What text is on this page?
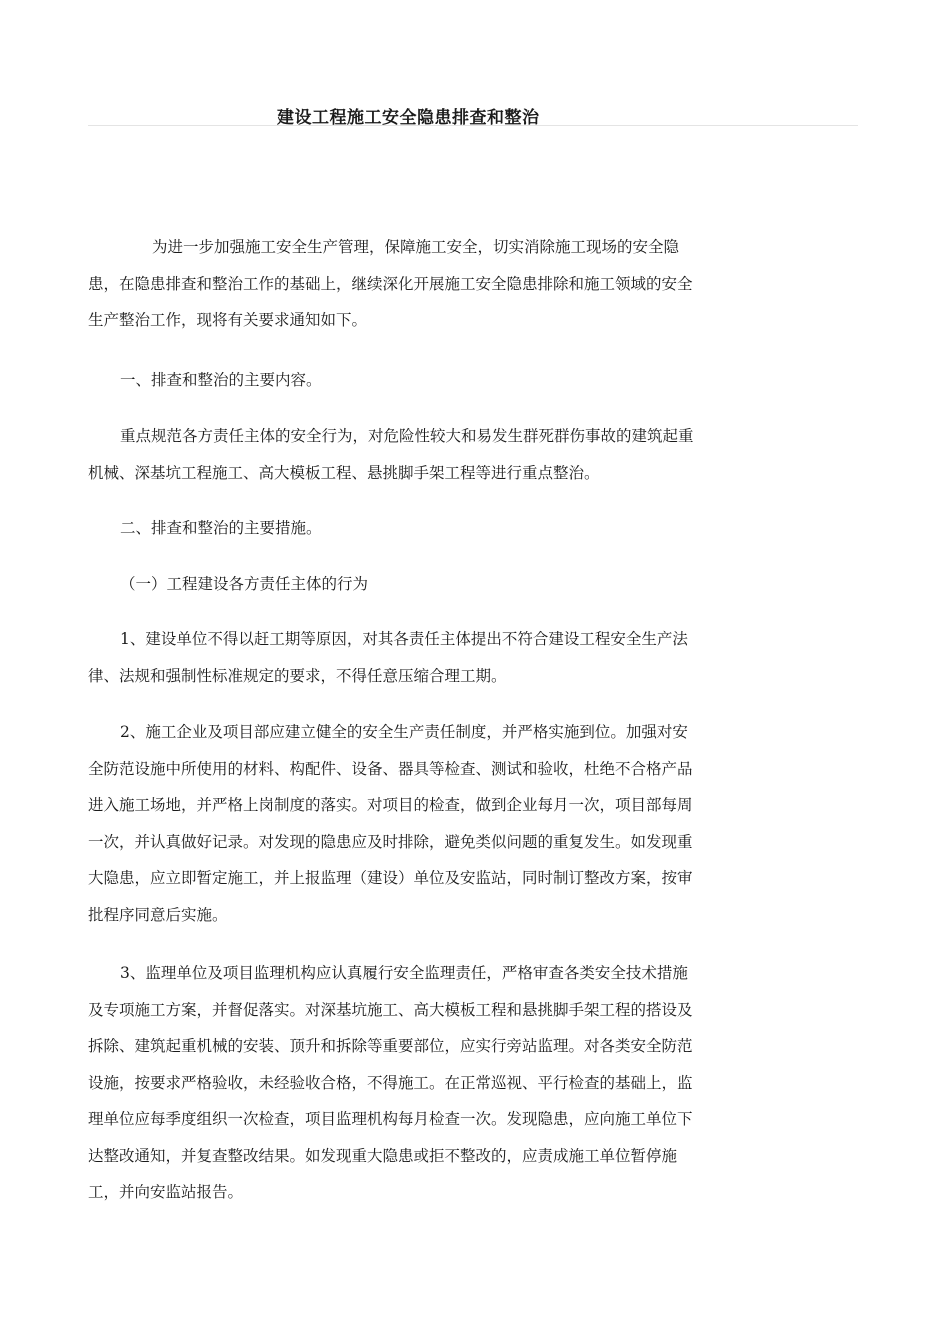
建设工程施工安全隐患排查和整治
为进一步加强施工安全生产管理，保障施工安全，切实消除施工现场的安全隐
患，在隐患排查和整治工作的基础上，继续深化开展施工安全隐患排除和施工领域的安全
生产整治工作，现将有关要求通知如下。
一、排查和整治的主要内容。
重点规范各方责任主体的安全行为，对危险性较大和易发生群死群伤事故的建筑起重
机械、深基坑工程施工、高大模板工程、悬挑脚手架工程等进行重点整治。
二、排查和整治的主要措施。
（一）工程建设各方责任主体的行为
1、建设单位不得以赶工期等原因，对其各责任主体提出不符合建设工程安全生产法
律、法规和强制性标准规定的要求，不得任意压缩合理工期。
2、施工企业及项目部应建立健全的安全生产责任制度，并严格实施到位。加强对安
全防范设施中所使用的材料、构配件、设备、器具等检查、测试和验收，杜绝不合格产品
进入施工场地，并严格上岗制度的落实。对项目的检查，做到企业每月一次，项目部每周
一次，并认真做好记录。对发现的隐患应及时排除，避免类似问题的重复发生。如发现重
大隐患，应立即暂定施工，并上报监理（建设）单位及安监站，同时制订整改方案，按审
批程序同意后实施。
3、监理单位及项目监理机构应认真履行安全监理责任，严格审查各类安全技术措施
及专项施工方案，并督促落实。对深基坑施工、高大模板工程和悬挑脚手架工程的搭设及
拆除、建筑起重机械的安装、顶升和拆除等重要部位，应实行旁站监理。对各类安全防范
设施，按要求严格验收，未经验收合格，不得施工。在正常巡视、平行检查的基础上，监
理单位应每季度组织一次检查，项目监理机构每月检查一次。发现隐患，应向施工单位下
达整改通知，并复查整改结果。如发现重大隐患或拒不整改的，应责成施工单位暂停施
工，并向安监站报告。
